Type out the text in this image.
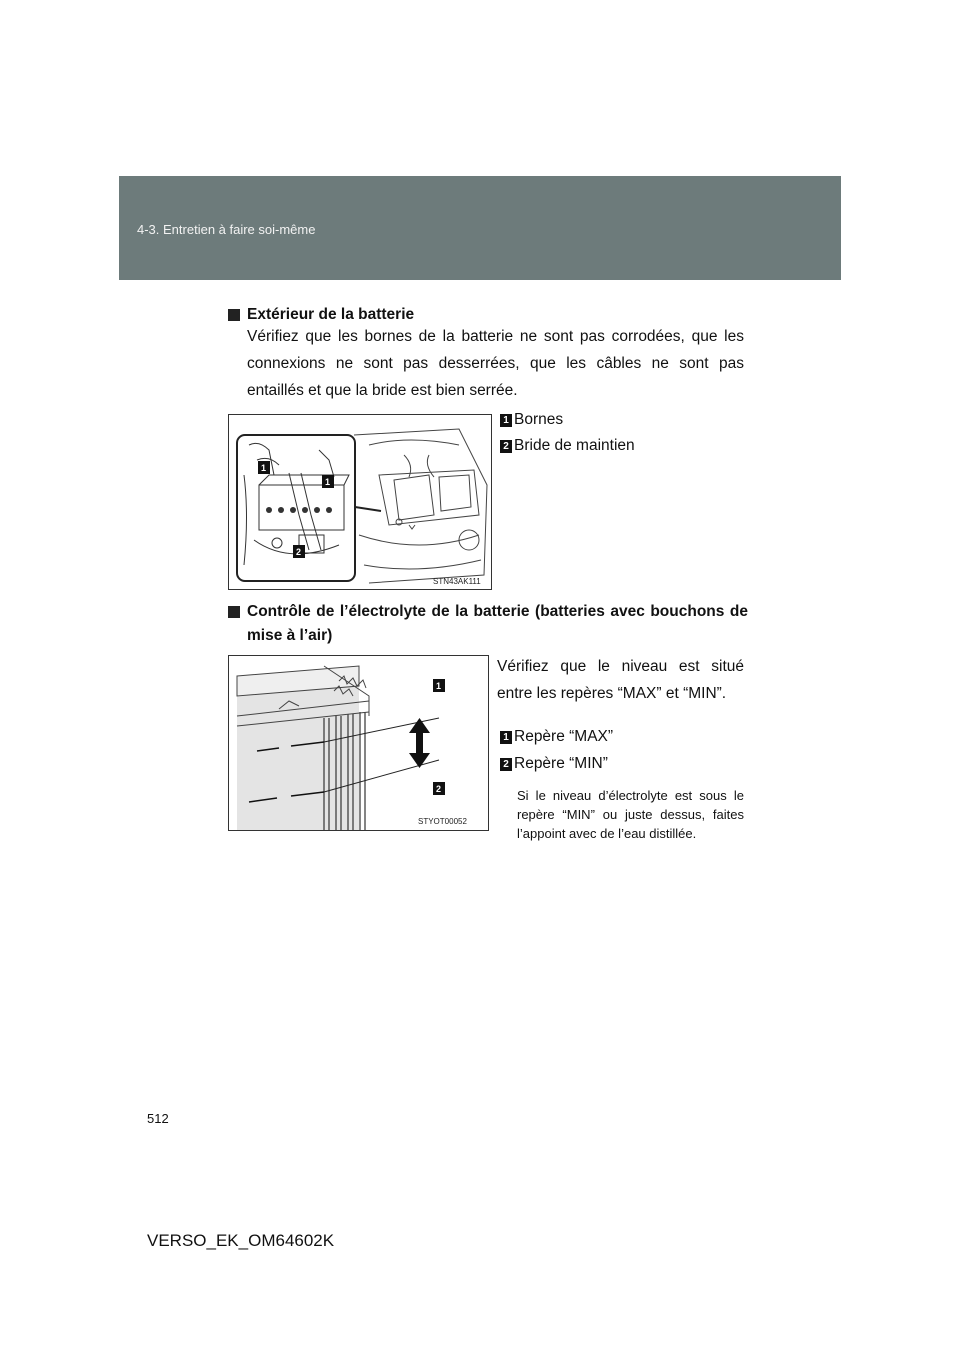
4-3. Entretien à faire soi-même
Extérieur de la batterie
Vérifiez que les bornes de la batterie ne sont pas corrodées, que les connexions ne sont pas desserrées, que les câbles ne sont pas entaillés et que la bride est bien serrée.
1
1
2
STN43AK111
1 Bornes
2 Bride de maintien
Contrôle de l’électrolyte de la batterie (batteries avec bouchons de mise à l’air)
1
2
STYOT00052
Vérifiez que le niveau est situé entre les repères “MAX” et “MIN”.
1 Repère “MAX”
2 Repère “MIN”
Si le niveau d’électrolyte est sous le repère “MIN” ou juste dessus, faites l’appoint avec de l’eau distillée.
512
VERSO_EK_OM64602K
